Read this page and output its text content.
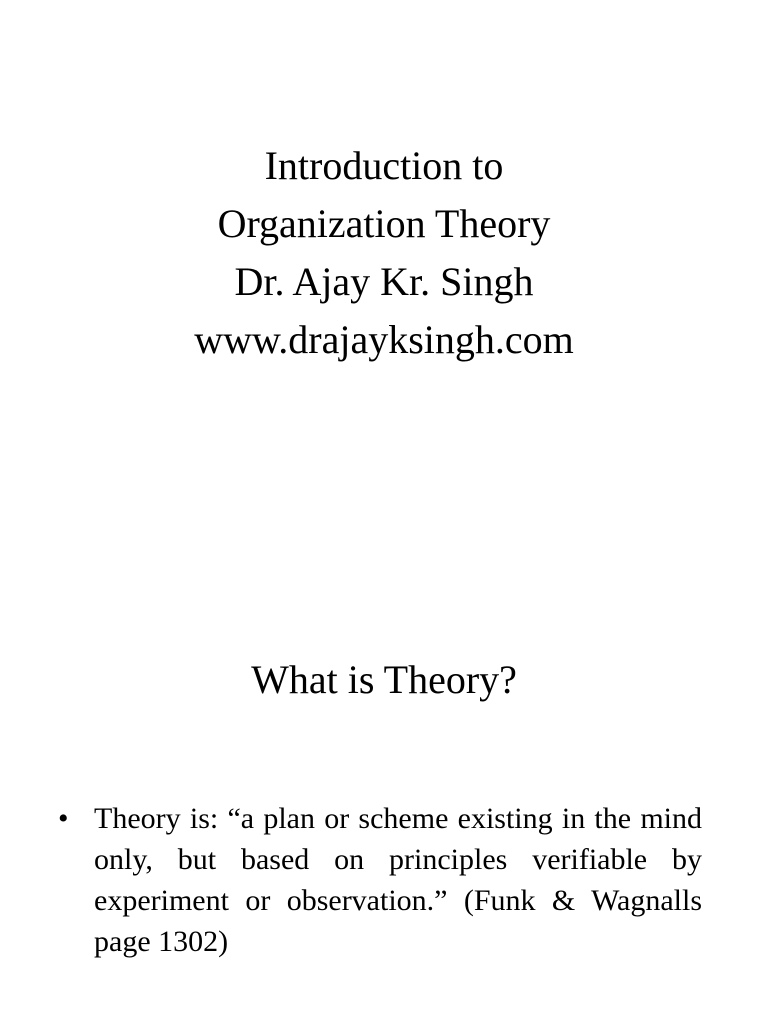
Introduction to
Organization Theory
Dr. Ajay Kr. Singh
www.drajayksingh.com
What is Theory?
• Theory is: “a plan or scheme existing in the mind only, but based on principles verifiable by experiment or observation.” (Funk & Wagnalls page 1302)
